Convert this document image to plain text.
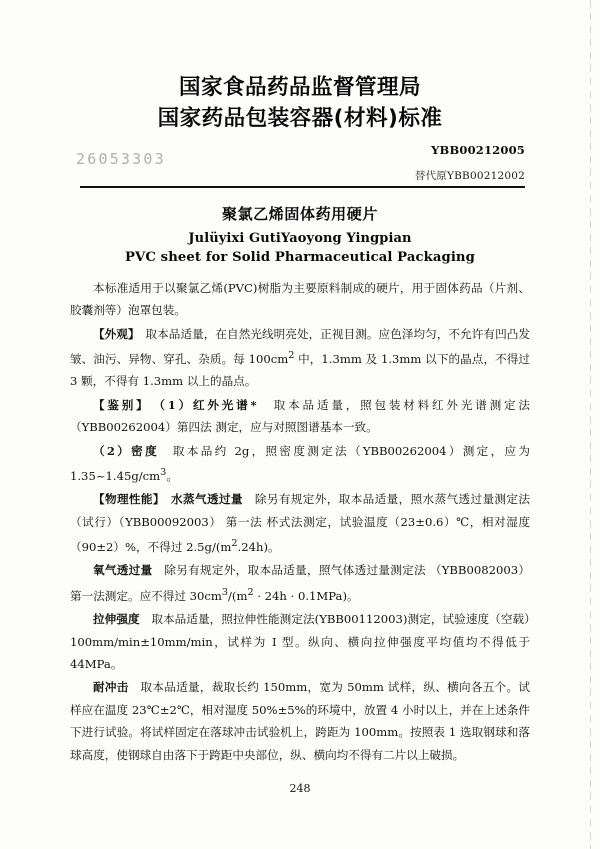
国家食品药品监督管理局
国家药品包装容器(材料)标准
YBB00212005
替代原YBB00212002
26053303
聚氯乙烯固体药用硬片
Julüyixi GutiYaoyong Yingpian
PVC sheet for Solid Pharmaceutical Packaging

本标准适用于以聚氯乙烯(PVC)树脂为主要原料制成的硬片，用于固体药品（片剂、胶囊剂等）泡罩包装。

【外观】　 取本品适量，在自然光线明亮处，正视目测。应色泽均匀，不允许有凹凸发皱、油污、异物、穿孔、杂质。每 $100cm^2$ 中，1.3mm 及 1.3mm 以下的晶点，不得过 3 颗，不得有 1.3mm 以上的晶点。

【鉴别】　 （1）红外光谱*　 取本品适量，照包装材料红外光谱测定法（YBB00262004）第四法 测定，应与对照图谱基本一致。

（2）密度　 取本品约 2g，照密度测定法（YBB00262004）测定，应为 $1.35\sim 1.45g/cm^3$。

【物理性能】　 水蒸气透过量　 除另有规定外，取本品适量，照水蒸气透过量测定法（试行）（YBB00092003） 第一法 杯式法测定，试验温度（23±0.6）℃，相对湿度（90±2）%，不得过 $2.5g/(m^2.24h)$。

氧气透过量　 除另有规定外，取本品适量，照气体透过量测定法 （YBB0082003）第一法测定。应不得过 $30cm^3/(m^2 \cdot 24h \cdot 0.1MPa)$。

拉伸强度　 取本品适量，照拉伸性能测定法(YBB00112003)测定，试验速度（空载）100mm/min±10mm/min，试样为 I 型。纵向、横向拉伸强度平均值均不得低于 44MPa。

耐冲击　 取本品适量，裁取长约 150mm，宽为 50mm 试样，纵、横向各五个。试样应在温度 23℃±2℃，相对湿度 50%±5%的环境中，放置 4 小时以上，并在上述条件下进行试验。将试样固定在落球冲击试验机上，跨距为 100mm。按照表 1 选取钢球和落球高度，使钢球自由落下于跨距中央部位，纵、横向均不得有二片以上破损。

248
